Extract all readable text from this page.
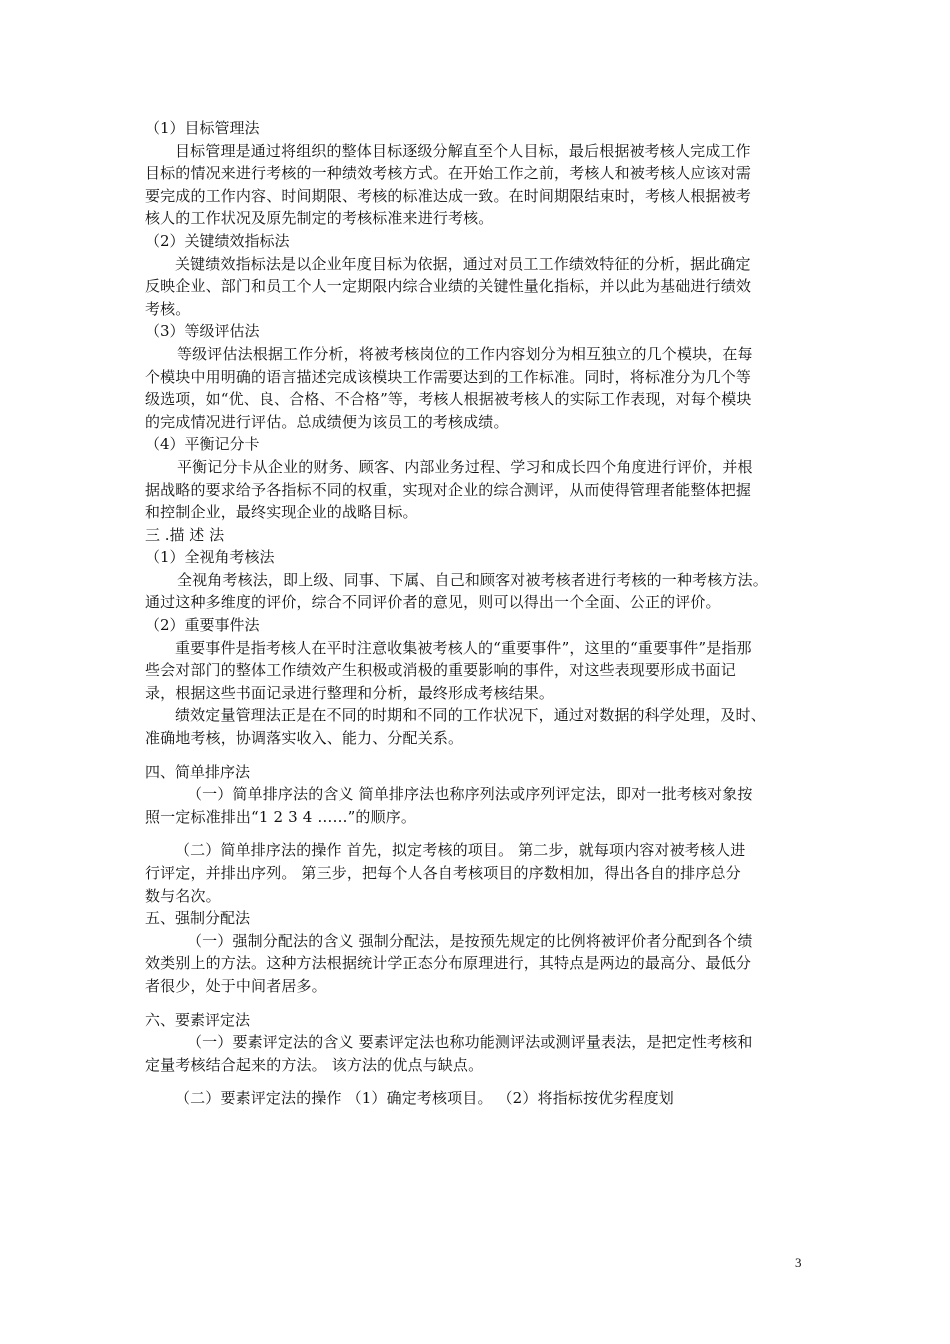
（1）目标管理法
目标管理是通过将组织的整体目标逐级分解直至个人目标，最后根据被考核人完成工作
目标的情况来进行考核的一种绩效考核方式。在开始工作之前，考核人和被考核人应该对需
要完成的工作内容、时间期限、考核的标准达成一致。在时间期限结束时，考核人根据被考
核人的工作状况及原先制定的考核标准来进行考核。
（2）关键绩效指标法
关键绩效指标法是以企业年度目标为依据，通过对员工工作绩效特征的分析，据此确定
反映企业、部门和员工个人一定期限内综合业绩的关键性量化指标，并以此为基础进行绩效
考核。
（3）等级评估法
等级评估法根据工作分析，将被考核岗位的工作内容划分为相互独立的几个模块，在每
个模块中用明确的语言描述完成该模块工作需要达到的工作标准。同时，将标准分为几个等
级选项，如“优、良、合格、不合格”等，考核人根据被考核人的实际工作表现，对每个模块
的完成情况进行评估。总成绩便为该员工的考核成绩。
（4）平衡记分卡
平衡记分卡从企业的财务、顾客、内部业务过程、学习和成长四个角度进行评价，并根
据战略的要求给予各指标不同的权重，实现对企业的综合测评，从而使得管理者能整体把握
和控制企业，最终实现企业的战略目标。
三 .描 述 法
（1）全视角考核法
全视角考核法，即上级、同事、下属、自己和顾客对被考核者进行考核的一种考核方法。
通过这种多维度的评价，综合不同评价者的意见，则可以得出一个全面、公正的评价。
（2）重要事件法
重要事件是指考核人在平时注意收集被考核人的“重要事件”，这里的“重要事件”是指那
些会对部门的整体工作绩效产生积极或消极的重要影响的事件，对这些表现要形成书面记
录，根据这些书面记录进行整理和分析，最终形成考核结果。
绩效定量管理法正是在不同的时期和不同的工作状况下，通过对数据的科学处理，及时、
准确地考核，协调落实收入、能力、分配关系。
四、简单排序法
（一）简单排序法的含义 简单排序法也称序列法或序列评定法，即对一批考核对象按
照一定标准排出“1 2 3 4 ……”的顺序。
（二）简单排序法的操作 首先，拟定考核的项目。 第二步，就每项内容对被考核人进
行评定，并排出序列。 第三步，把每个人各自考核项目的序数相加，得出各自的排序总分
数与名次。
五、强制分配法
（一）强制分配法的含义 强制分配法，是按预先规定的比例将被评价者分配到各个绩
效类别上的方法。这种方法根据统计学正态分布原理进行，其特点是两边的最高分、最低分
者很少，处于中间者居多。
六、要素评定法
（一）要素评定法的含义 要素评定法也称功能测评法或测评量表法，是把定性考核和
定量考核结合起来的方法。 该方法的优点与缺点。
（二）要素评定法的操作 （1）确定考核项目。 （2）将指标按优劣程度划
3
